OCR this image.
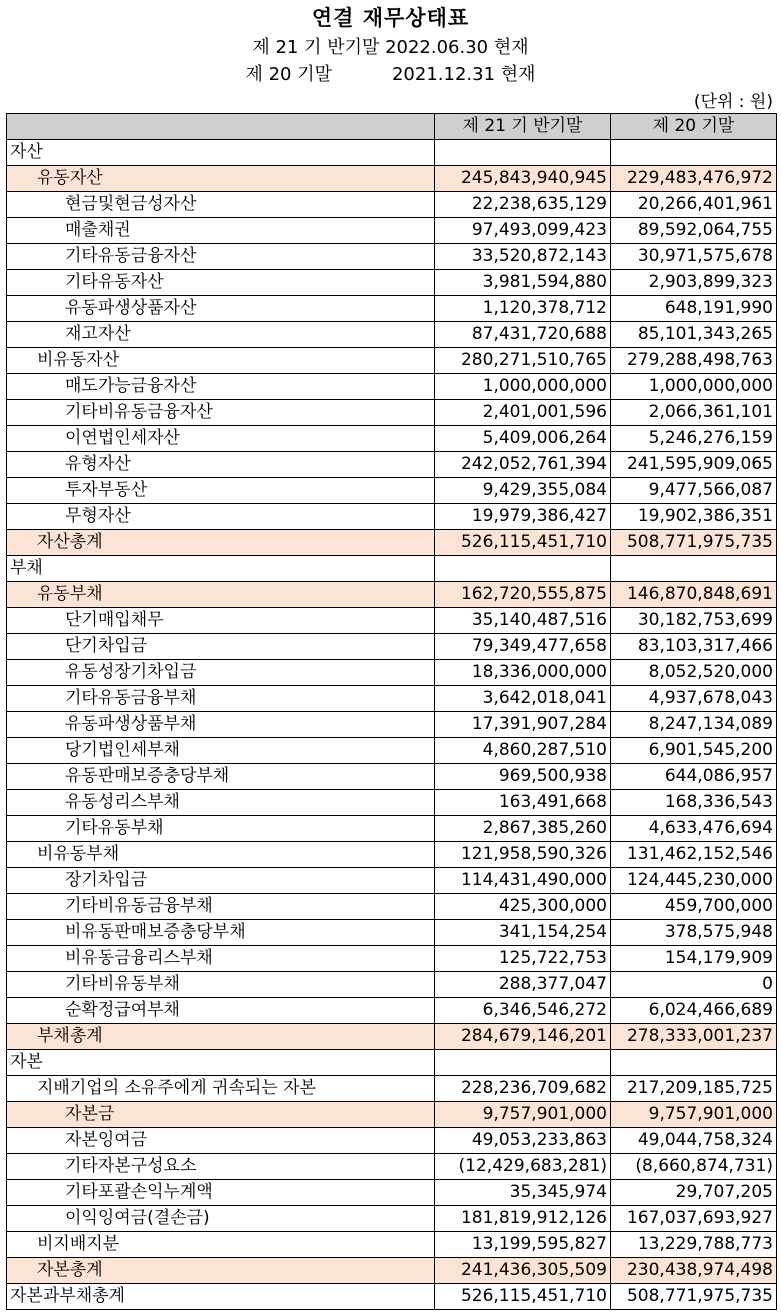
연결 재무상태표
제 21 기 반기말 2022.06.30 현재
제 20 기말	2021.12.31 현재
(단위 : 원)
	제 21 기 반기말	제 20 기말
자산		
유동자산	245,843,940,945	229,483,476,972
현금및현금성자산	22,238,635,129	20,266,401,961
매출채권	97,493,099,423	89,592,064,755
기타유동금융자산	33,520,872,143	30,971,575,678
기타유동자산	3,981,594,880	2,903,899,323
유동파생상품자산	1,120,378,712	648,191,990
재고자산	87,431,720,688	85,101,343,265
비유동자산	280,271,510,765	279,288,498,763
매도가능금융자산	1,000,000,000	1,000,000,000
기타비유동금융자산	2,401,001,596	2,066,361,101
이연법인세자산	5,409,006,264	5,246,276,159
유형자산	242,052,761,394	241,595,909,065
투자부동산	9,429,355,084	9,477,566,087
무형자산	19,979,386,427	19,902,386,351
자산총계	526,115,451,710	508,771,975,735
부채		
유동부채	162,720,555,875	146,870,848,691
단기매입채무	35,140,487,516	30,182,753,699
단기차입금	79,349,477,658	83,103,317,466
유동성장기차입금	18,336,000,000	8,052,520,000
기타유동금융부채	3,642,018,041	4,937,678,043
유동파생상품부채	17,391,907,284	8,247,134,089
당기법인세부채	4,860,287,510	6,901,545,200
유동판매보증충당부채	969,500,938	644,086,957
유동성리스부채	163,491,668	168,336,543
기타유동부채	2,867,385,260	4,633,476,694
비유동부채	121,958,590,326	131,462,152,546
장기차입금	114,431,490,000	124,445,230,000
기타비유동금융부채	425,300,000	459,700,000
비유동판매보증충당부채	341,154,254	378,575,948
비유동금융리스부채	125,722,753	154,179,909
기타비유동부채	288,377,047	0
순확정급여부채	6,346,546,272	6,024,466,689
부채총계	284,679,146,201	278,333,001,237
자본		
지배기업의 소유주에게 귀속되는 자본	228,236,709,682	217,209,185,725
자본금	9,757,901,000	9,757,901,000
자본잉여금	49,053,233,863	49,044,758,324
기타자본구성요소	(12,429,683,281)	(8,660,874,731)
기타포괄손익누계액	35,345,974	29,707,205
이익잉여금(결손금)	181,819,912,126	167,037,693,927
비지배지분	13,199,595,827	13,229,788,773
자본총계	241,436,305,509	230,438,974,498
자본과부채총계	526,115,451,710	508,771,975,735
